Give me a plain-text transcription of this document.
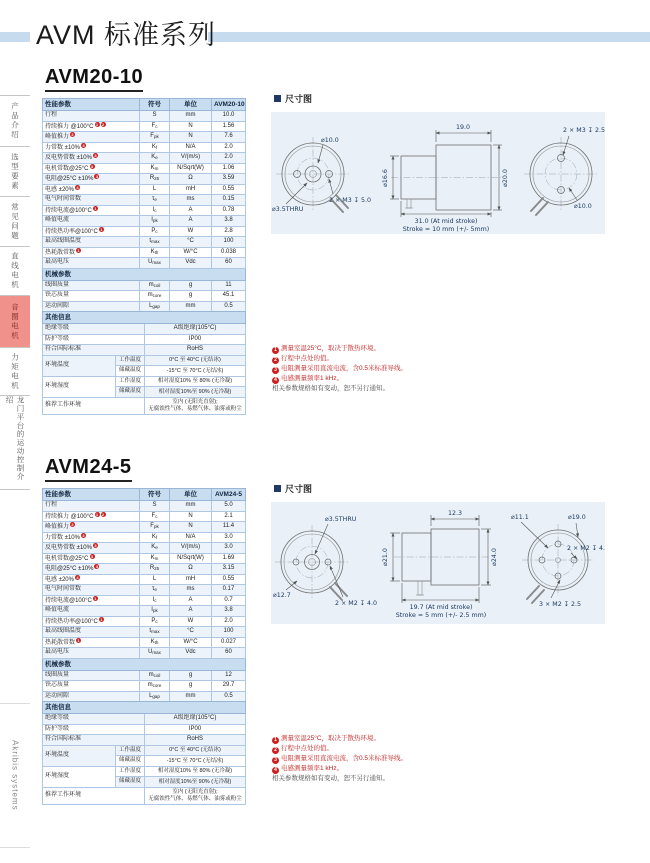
AVM 标准系列
产品介绍
选型要素
常见问题
直线电机
音圈电机
力矩电机
龙门平台的运动控制介绍
Akribis systems
AVM20-10
性能参数	符号	单位	AVM20-10
行程	S	mm	10.0
持续推力 @100°C 1 2	$F_c$	N	1.56
峰值推力 2	$F_{pk}$	N	7.6
力常数 ±10% 3	$K_f$	N/A	2.0
反电势常数 ±10% 3	$K_e$	V/(m/s)	2.0
电机常数@25°C 3	$K_m$	N/Sqrt(W)	1.06
电阻@25°C ±10% 3	$R_{25}$	Ω	3.59
电感 ±20% 4	L	mH	0.55
电气时间常数	$\tau_e$	ms	0.15
持续电流@100°C 1	$I_c$	A	0.78
峰值电流	$I_{pk}$	A	3.8
持续热功率@100°C 1	$P_c$	W	2.8
最高线圈温度	$t_{max}$	°C	100
热耗散常数 1	$K_{th}$	W/°C	0.038
最高电压	$U_{max}$	Vdc	60
机械参数			
线圈质量	$m_{coil}$	g	11
铁芯质量	$m_{core}$	g	45.1
运动间隙	$L_{gap}$	mm	0.5
其他信息		
绝缘等级		A级绝缘(105°C)
防护等级		IP00
符合国际标准		RoHS
环境温度	工作温度	0°C 至 40°C (无结冰)
	储藏温度	-15°C 至 70°C (无结冰)
环境湿度	工作湿度	相对湿度10% 至 80% (无冷凝)
	储藏湿度	相对湿度10%至 90% (无冷凝)
推荐工作环境		室内 (无阳光直射);
无腐蚀性气体、易燃气体、油雾或粉尘
尺寸图
⌀10.0
2 × M3 ↧ 5.0
⌀3.5THRU
19.0
⌀16.6	⌀20.0
31.0 (At mid stroke)
Stroke = 10 mm (+/- 5mm)
2 × M3 ↧ 2.5
⌀10.0
1 测量室温25°C，取决于散热环境。
2 行程中点处的值。
3 电阻测量采用直流电流，含0.5米标准导线。
4 电感测量频率1 kHz。
相关参数规格如有变动，恕不另行通知。
AVM24-5
性能参数	符号	单位	AVM24-5
行程	S	mm	5.0
持续推力 @100°C 1 2	$F_c$	N	2.1
峰值推力 2	$F_{pk}$	N	11.4
力常数 ±10% 3	$K_f$	N/A	3.0
反电势常数 ±10% 3	$K_e$	V/(m/s)	3.0
电机常数@25°C 3	$K_m$	N/Sqrt(W)	1.69
电阻@25°C ±10% 3	$R_{25}$	Ω	3.15
电感 ±20% 4	L	mH	0.55
电气时间常数	$\tau_e$	ms	0.17
持续电流@100°C 1	$I_c$	A	0.7
峰值电流	$I_{pk}$	A	3.8
持续热功率@100°C 1	$P_c$	W	2.0
最高线圈温度	$t_{max}$	°C	100
热耗散常数 1	$K_{th}$	W/°C	0.027
最高电压	$U_{max}$	Vdc	60
机械参数			
线圈质量	$m_{coil}$	g	12
铁芯质量	$m_{core}$	g	29.7
运动间隙	$L_{gap}$	mm	0.5
其他信息		
绝缘等级		A级绝缘(105°C)
防护等级		IP00
符合国际标准		RoHS
环境温度	工作温度	0°C 至 40°C (无结冰)
	储藏温度	-15°C 至 70°C (无结冰)
环境湿度	工作湿度	相对湿度10% 至 80% (无冷凝)
	储藏湿度	相对湿度10%至 90% (无冷凝)
推荐工作环境		室内 (无阳光直射);
无腐蚀性气体、易燃气体、油雾或粉尘
尺寸图
⌀3.5THRU
⌀12.7
2 × M2 ↧ 4.0
12.3
⌀21.0	⌀24.0
19.7 (At mid stroke)
Stroke = 5 mm (+/- 2.5 mm)
⌀11.1	⌀19.0
2 × M2 ↧ 4.0
3 × M2 ↧ 2.5
1 测量室温25°C，取决于散热环境。
2 行程中点处的值。
3 电阻测量采用直流电流，含0.5米标准导线。
4 电感测量频率1 kHz。
相关参数规格如有变动，恕不另行通知。
